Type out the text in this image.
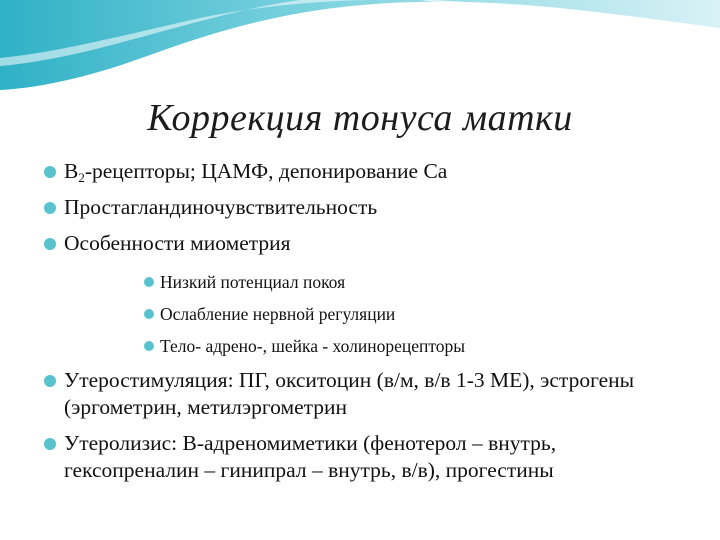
Коррекция тонуса матки
$B_2$-рецепторы; ЦАМФ, депонирование Са
Простагландиночувствительность
Особенности миометрия
Низкий потенциал покоя
Ослабление нервной регуляции
Тело- адрено-, шейка - холинорецепторы
Утеростимуляция: ПГ, окситоцин (в/м, в/в 1-3 МЕ), эстрогены (эргометрин, метилэргометрин
Утеролизис: В-адреномиметики (фенотерол – внутрь, гексопреналин – гинипрал – внутрь, в/в), прогестины
